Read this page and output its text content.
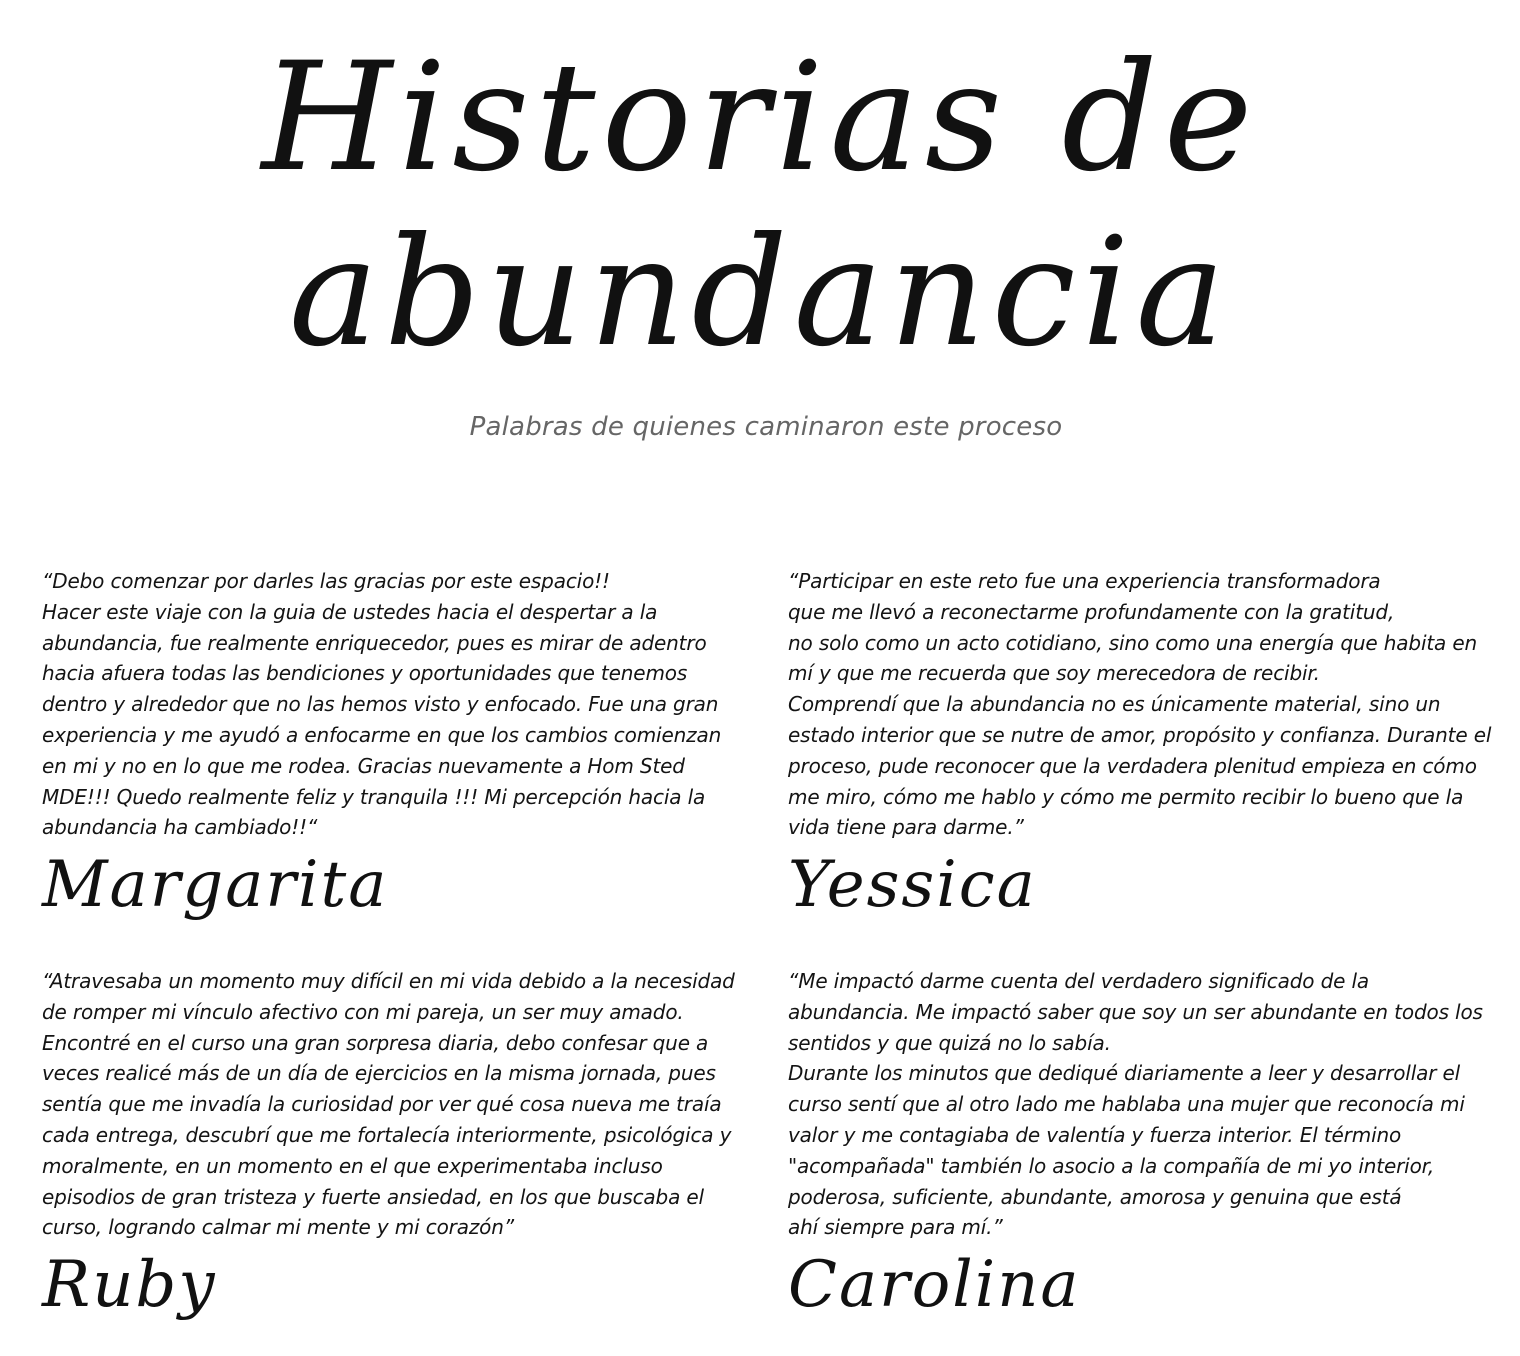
Historias de
abundancia
Palabras de quienes caminaron este proceso

“Debo comenzar por darles las gracias por este espacio!!
Hacer este viaje con la guia de ustedes hacia el despertar a la
abundancia, fue realmente enriquecedor, pues es mirar de adentro
hacia afuera todas las bendiciones y oportunidades que tenemos
dentro y alrededor que no las hemos visto y enfocado. Fue una gran
experiencia y me ayudó a enfocarme en que los cambios comienzan
en mi y no en lo que me rodea. Gracias nuevamente a Hom Sted
MDE!!! Quedo realmente feliz y tranquila !!! Mi percepción hacia la
abundancia ha cambiado!!“

Margarita

“Participar en este reto fue una experiencia transformadora
que me llevó a reconectarme profundamente con la gratitud,
no solo como un acto cotidiano, sino como una energía que habita en
mí y que me recuerda que soy merecedora de recibir.
Comprendí que la abundancia no es únicamente material, sino un
estado interior que se nutre de amor, propósito y confianza. Durante el
proceso, pude reconocer que la verdadera plenitud empieza en cómo
me miro, cómo me hablo y cómo me permito recibir lo bueno que la
vida tiene para darme.”

Yessica

“Atravesaba un momento muy difícil en mi vida debido a la necesidad
de romper mi vínculo afectivo con mi pareja, un ser muy amado.
Encontré en el curso una gran sorpresa diaria, debo confesar que a
veces realicé más de un día de ejercicios en la misma jornada, pues
sentía que me invadía la curiosidad por ver qué cosa nueva me traía
cada entrega, descubrí que me fortalecía interiormente, psicológica y
moralmente, en un momento en el que experimentaba incluso
episodios de gran tristeza y fuerte ansiedad, en los que buscaba el
curso, logrando calmar mi mente y mi corazón”

Ruby

“Me impactó darme cuenta del verdadero significado de la
abundancia. Me impactó saber que soy un ser abundante en todos los
sentidos y que quizá no lo sabía.
Durante los minutos que dediqué diariamente a leer y desarrollar el
curso sentí que al otro lado me hablaba una mujer que reconocía mi
valor y me contagiaba de valentía y fuerza interior. El término
"acompañada" también lo asocio a la compañía de mi yo interior,
poderosa, suficiente, abundante, amorosa y genuina que está
ahí siempre para mí.”

Carolina
